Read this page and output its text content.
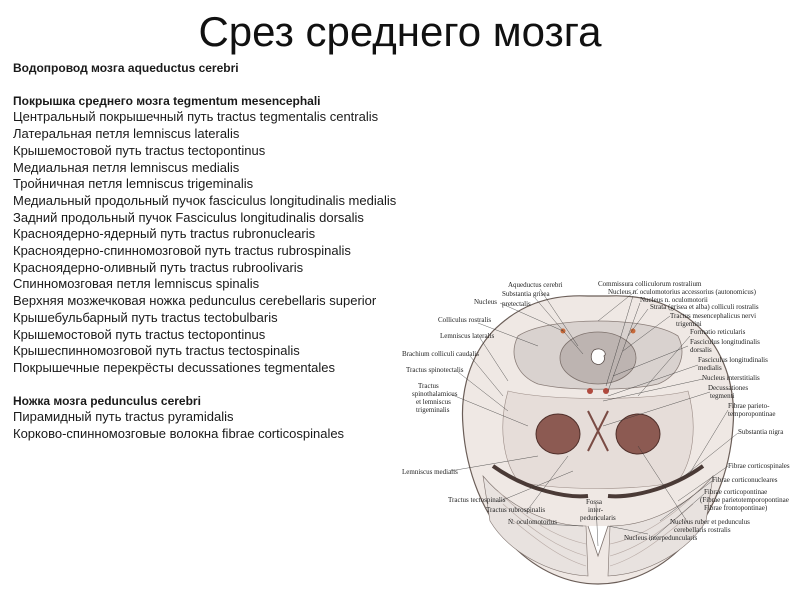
Срез среднего мозга
Водопровод мозга aqueductus cerebri
Покрышка среднего мозга tegmentum mesencephali
Центральный покрышечный путь tractus tegmentalis centralis
Латеральная петля lemniscus lateralis
Крышемостовой путь tractus tectopontinus
Медиальная петля lemniscus medialis
Тройничная петля lemniscus trigeminalis
Медиальный продольный пучок fasciculus longitudinalis medialis
Задний продольный пучок Fasciculus longitudinalis dorsalis
Красноядерно-ядерный путь tractus rubronuclearis
Красноядерно-спинномозговой путь tractus rubrospinalis
Красноядерно-оливный путь tractus rubroolivaris
Спинномозговая петля lemniscus spinalis
Верхняя мозжечковая ножка pedunculus cerebellaris superior
Крышебульбарный путь tractus tectobulbaris
Крышемостовой путь tractus tectopontinus
Крышеспинномозговой путь tractus tectospinalis
Покрышечные перекрёсты decussationes tegmentales
Ножка мозга pedunculus cerebri
Пирамидный путь tractus pyramidalis
Корково-спинномозговые волокна fibrae corticospinales
Aqueductus cerebri
Substantia grisea
Nucleus pretectalis
Colliculus rostralis
Lemniscus lateralis
Brachium colliculi caudalis
Tractus spinotectalis
Tractus
spinothalamicus
et lemniscus
trigeminalis
Lemniscus medialis
Tractus tectospinalis
Tractus rubrospinalis
N. oculomotorius
Fossa
inter-
peduncularis
Commissura colliculorum rostralium
Nucleus n. oculomotorius accessorius (autonomicus)
Nucleus n. oculomotorii
Strata (grisea et alba) colliculi rostralis
Tractus mesencephalicus nervi
trigemini
Formatio reticularis
Fasciculus longitudinalis
dorsalis
Fasciculus longitudinalis
medialis
Nucleus interstitialis
Decussationes
tegmenti
Fibrae parieto-
temporopontinae
Substantia nigra
Fibrae corticospinales
Fibrae corticonucleares
Fibrae corticopontinae
(Fibrae parietotemporopontinae
Fibrae frontopontinae)
Nucleus ruber et pedunculus
cerebellaris rostralis
Nucleus interpeduncularis
